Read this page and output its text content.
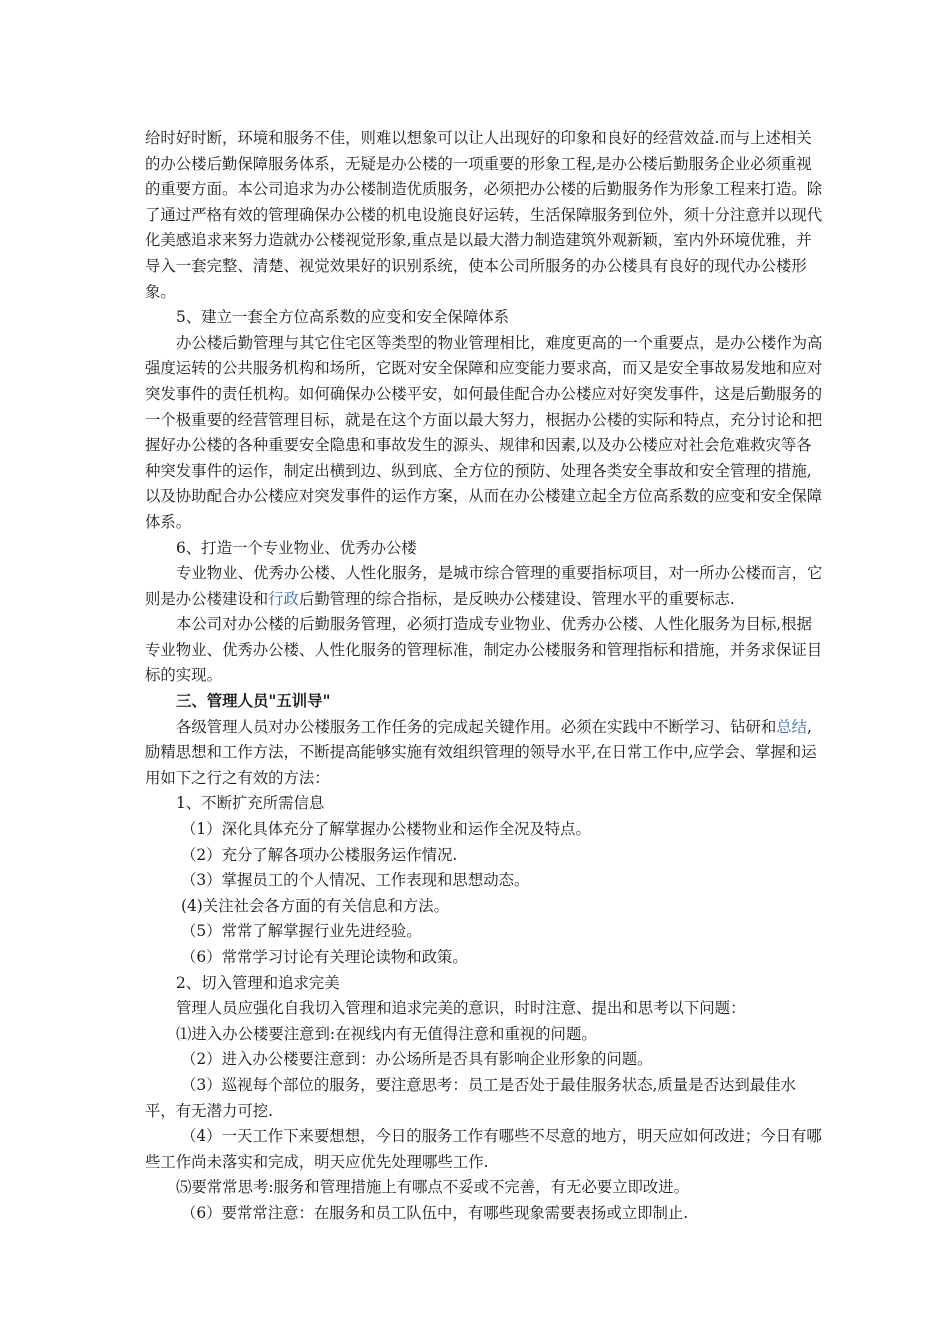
给时好时断，环境和服务不佳，则难以想象可以让人出现好的印象和良好的经营效益.而与上述相关的办公楼后勤保障服务体系，无疑是办公楼的一项重要的形象工程,是办公楼后勤服务企业必须重视的重要方面。本公司追求为办公楼制造优质服务，必须把办公楼的后勤服务作为形象工程来打造。除了通过严格有效的管理确保办公楼的机电设施良好运转，生活保障服务到位外，须十分注意并以现代化美感追求来努力造就办公楼视觉形象,重点是以最大潜力制造建筑外观新颖，室内外环境优雅，并导入一套完整、清楚、视觉效果好的识别系统，使本公司所服务的办公楼具有良好的现代办公楼形象。

5、建立一套全方位高系数的应变和安全保障体系

办公楼后勤管理与其它住宅区等类型的物业管理相比，难度更高的一个重要点，是办公楼作为高强度运转的公共服务机构和场所，它既对安全保障和应变能力要求高，而又是安全事故易发地和应对突发事件的责任机构。如何确保办公楼平安，如何最佳配合办公楼应对好突发事件，这是后勤服务的一个极重要的经营管理目标，就是在这个方面以最大努力，根据办公楼的实际和特点，充分讨论和把握好办公楼的各种重要安全隐患和事故发生的源头、规律和因素,以及办公楼应对社会危难救灾等各种突发事件的运作，制定出横到边、纵到底、全方位的预防、处理各类安全事故和安全管理的措施,以及协助配合办公楼应对突发事件的运作方案，从而在办公楼建立起全方位高系数的应变和安全保障体系。

6、打造一个专业物业、优秀办公楼

专业物业、优秀办公楼、人性化服务，是城市综合管理的重要指标项目，对一所办公楼而言，它则是办公楼建设和行政后勤管理的综合指标，是反映办公楼建设、管理水平的重要标志.

本公司对办公楼的后勤服务管理，必须打造成专业物业、优秀办公楼、人性化服务为目标,根据专业物业、优秀办公楼、人性化服务的管理标准，制定办公楼服务和管理指标和措施，并务求保证目标的实现。

三、管理人员"五训导"

各级管理人员对办公楼服务工作任务的完成起关键作用。必须在实践中不断学习、钻研和总结,励精思想和工作方法，不断提高能够实施有效组织管理的领导水平,在日常工作中,应学会、掌握和运用如下之行之有效的方法：

1、不断扩充所需信息

（1）深化具体充分了解掌握办公楼物业和运作全况及特点。

（2）充分了解各项办公楼服务运作情况.

（3）掌握员工的个人情况、工作表现和思想动态。

(4)关注社会各方面的有关信息和方法。

（5）常常了解掌握行业先进经验。

（6）常常学习讨论有关理论读物和政策。

2、切入管理和追求完美

管理人员应强化自我切入管理和追求完美的意识，时时注意、提出和思考以下问题：

⑴进入办公楼要注意到:在视线内有无值得注意和重视的问题。

（2）进入办公楼要注意到：办公场所是否具有影响企业形象的问题。

（3）巡视每个部位的服务，要注意思考：员工是否处于最佳服务状态,质量是否达到最佳水平，有无潜力可挖.

（4）一天工作下来要想想，今日的服务工作有哪些不尽意的地方，明天应如何改进；今日有哪些工作尚未落实和完成，明天应优先处理哪些工作.

⑸要常常思考:服务和管理措施上有哪点不妥或不完善，有无必要立即改进。

（6）要常常注意：在服务和员工队伍中，有哪些现象需要表扬或立即制止.
